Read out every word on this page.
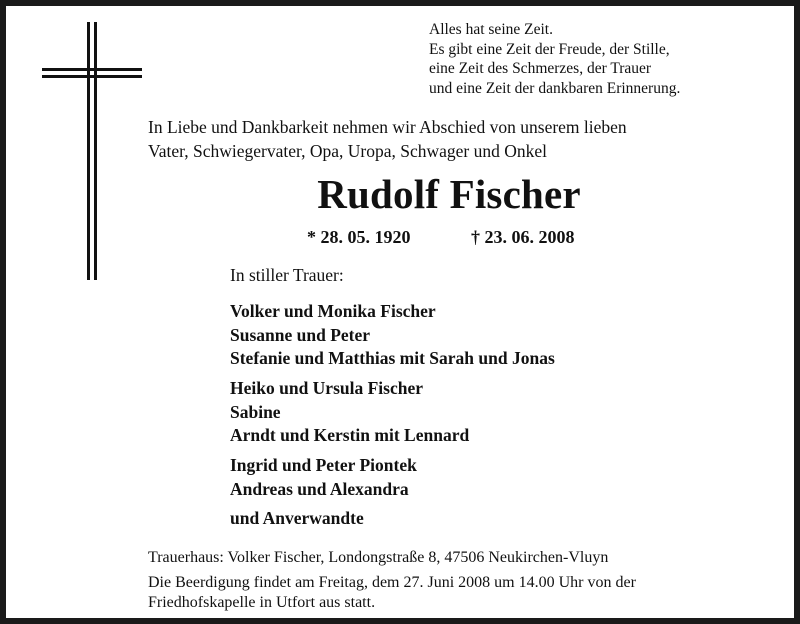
Alles hat seine Zeit.
Es gibt eine Zeit der Freude, der Stille,
eine Zeit des Schmerzes, der Trauer
und eine Zeit der dankbaren Erinnerung.
In Liebe und Dankbarkeit nehmen wir Abschied von unserem lieben
Vater, Schwiegervater, Opa, Uropa, Schwager und Onkel
Rudolf Fischer
* 28. 05. 1920	† 23. 06. 2008
In stiller Trauer:
Volker und Monika Fischer
Susanne und Peter
Stefanie und Matthias mit Sarah und Jonas
Heiko und Ursula Fischer
Sabine
Arndt und Kerstin mit Lennard
Ingrid und Peter Piontek
Andreas und Alexandra
und Anverwandte
Trauerhaus: Volker Fischer, Londongstraße 8, 47506 Neukirchen-Vluyn
Die Beerdigung findet am Freitag, dem 27. Juni 2008 um 14.00 Uhr von der
Friedhofskapelle in Utfort aus statt.
